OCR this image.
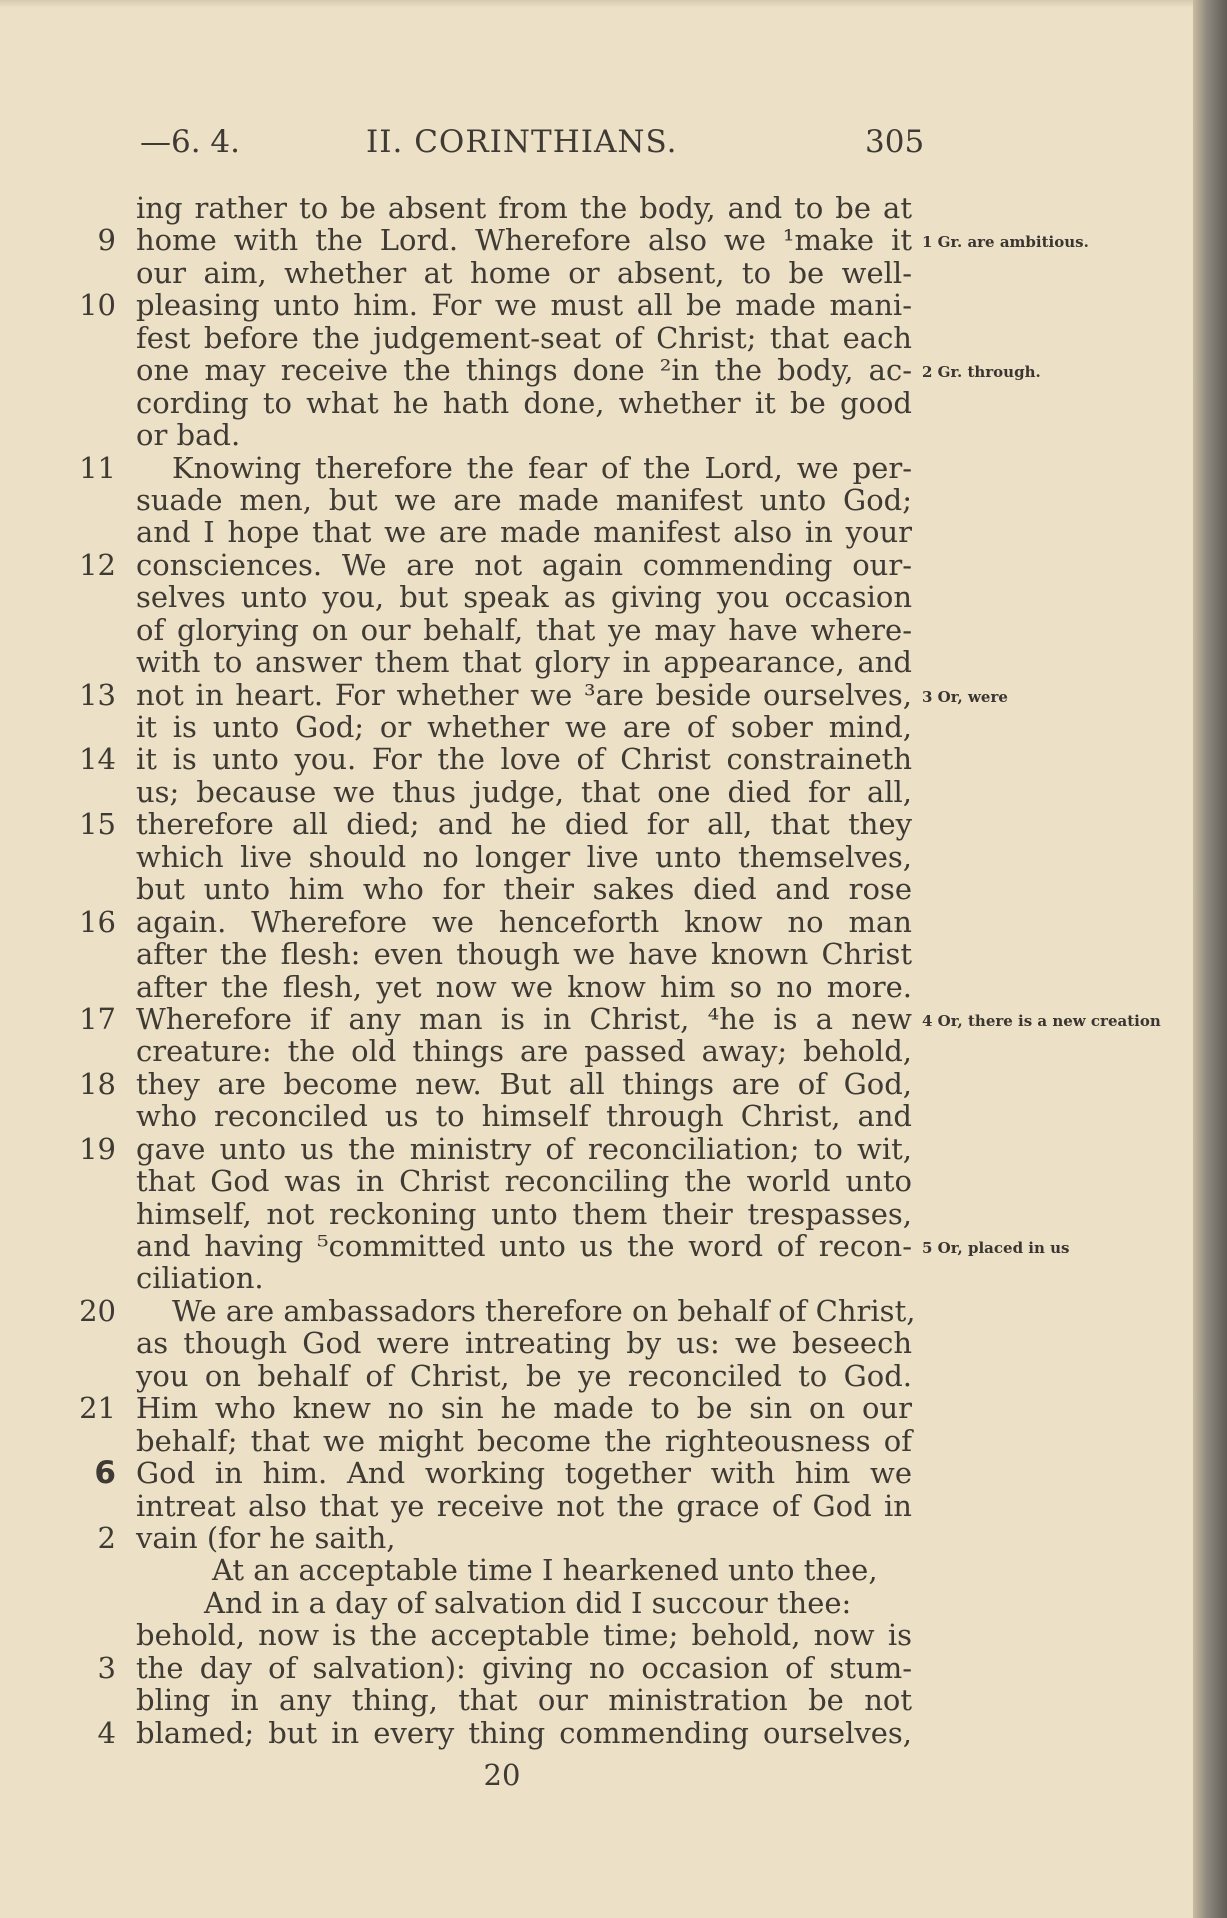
—6. 4.	II. CORINTHIANS.	305
ing rather to be absent from the body, and to be at
9 home with the Lord. Wherefore also we ¹make it 1 Gr. are ambitious.
our aim, whether at home or absent, to be well-
10 pleasing unto him. For we must all be made mani-
fest before the judgement-seat of Christ; that each
one may receive the things done ²in the body, ac- 2 Gr. through.
cording to what he hath done, whether it be good
or bad.
11 Knowing therefore the fear of the Lord, we per-
suade men, but we are made manifest unto God;
and I hope that we are made manifest also in your
12 consciences. We are not again commending our-
selves unto you, but speak as giving you occasion
of glorying on our behalf, that ye may have where-
with to answer them that glory in appearance, and
13 not in heart. For whether we ³are beside ourselves, 3 Or, were
it is unto God; or whether we are of sober mind,
14 it is unto you. For the love of Christ constraineth
us; because we thus judge, that one died for all,
15 therefore all died; and he died for all, that they
which live should no longer live unto themselves,
but unto him who for their sakes died and rose
16 again. Wherefore we henceforth know no man
after the flesh: even though we have known Christ
after the flesh, yet now we know him so no more.
17 Wherefore if any man is in Christ, ⁴he is a new 4 Or, there is a new creation
creature: the old things are passed away; behold,
18 they are become new. But all things are of God,
who reconciled us to himself through Christ, and
19 gave unto us the ministry of reconciliation; to wit,
that God was in Christ reconciling the world unto
himself, not reckoning unto them their trespasses,
and having ⁵committed unto us the word of recon- 5 Or, placed in us
ciliation.
20 We are ambassadors therefore on behalf of Christ,
as though God were intreating by us: we beseech
you on behalf of Christ, be ye reconciled to God.
21 Him who knew no sin he made to be sin on our
behalf; that we might become the righteousness of
6 God in him. And working together with him we
intreat also that ye receive not the grace of God in
2 vain (for he saith,
At an acceptable time I hearkened unto thee,
And in a day of salvation did I succour thee:
behold, now is the acceptable time; behold, now is
3 the day of salvation): giving no occasion of stum-
bling in any thing, that our ministration be not
4 blamed; but in every thing commending ourselves,
20
